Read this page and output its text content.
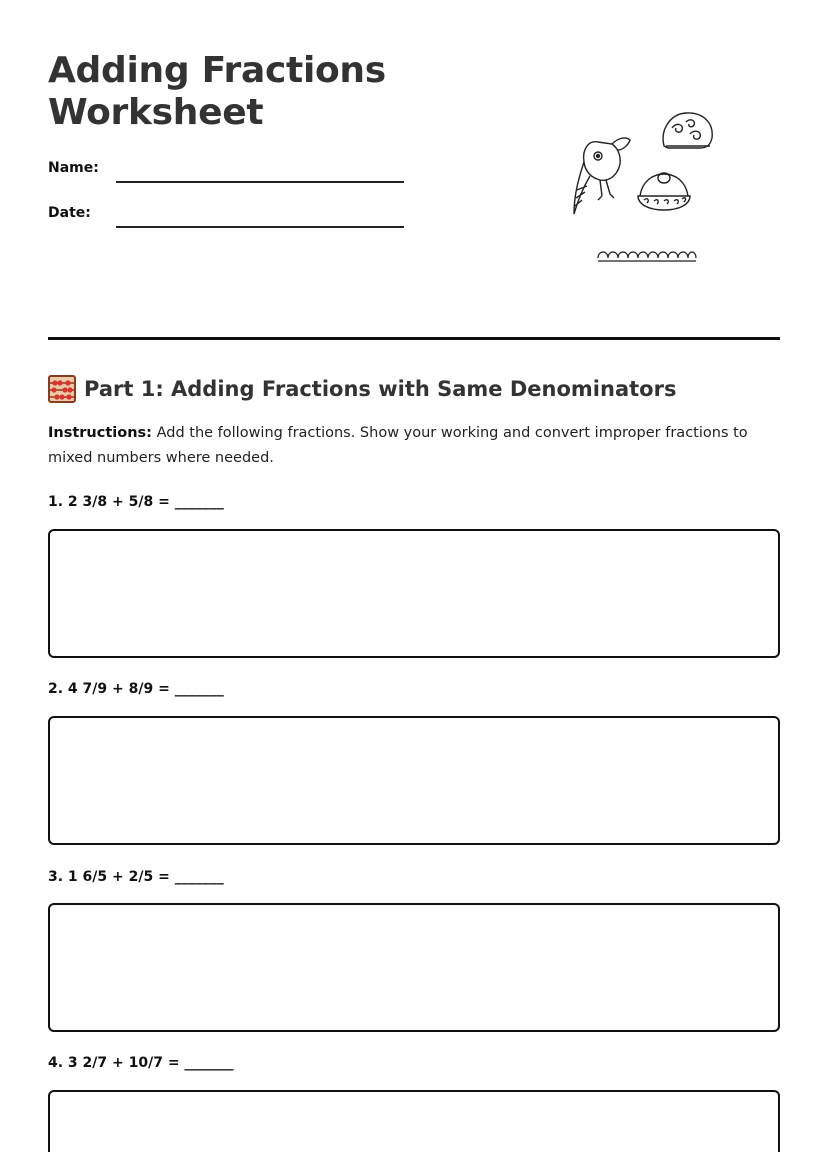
Adding Fractions
Worksheet
Name:
Date:
Part 1: Adding Fractions with Same Denominators
Instructions: Add the following fractions. Show your working and convert improper fractions to mixed numbers where needed.
1. 2 3/8 + 5/8 = _______
2. 4 7/9 + 8/9 = _______
3. 1 6/5 + 2/5 = _______
4. 3 2/7 + 10/7 = _______
